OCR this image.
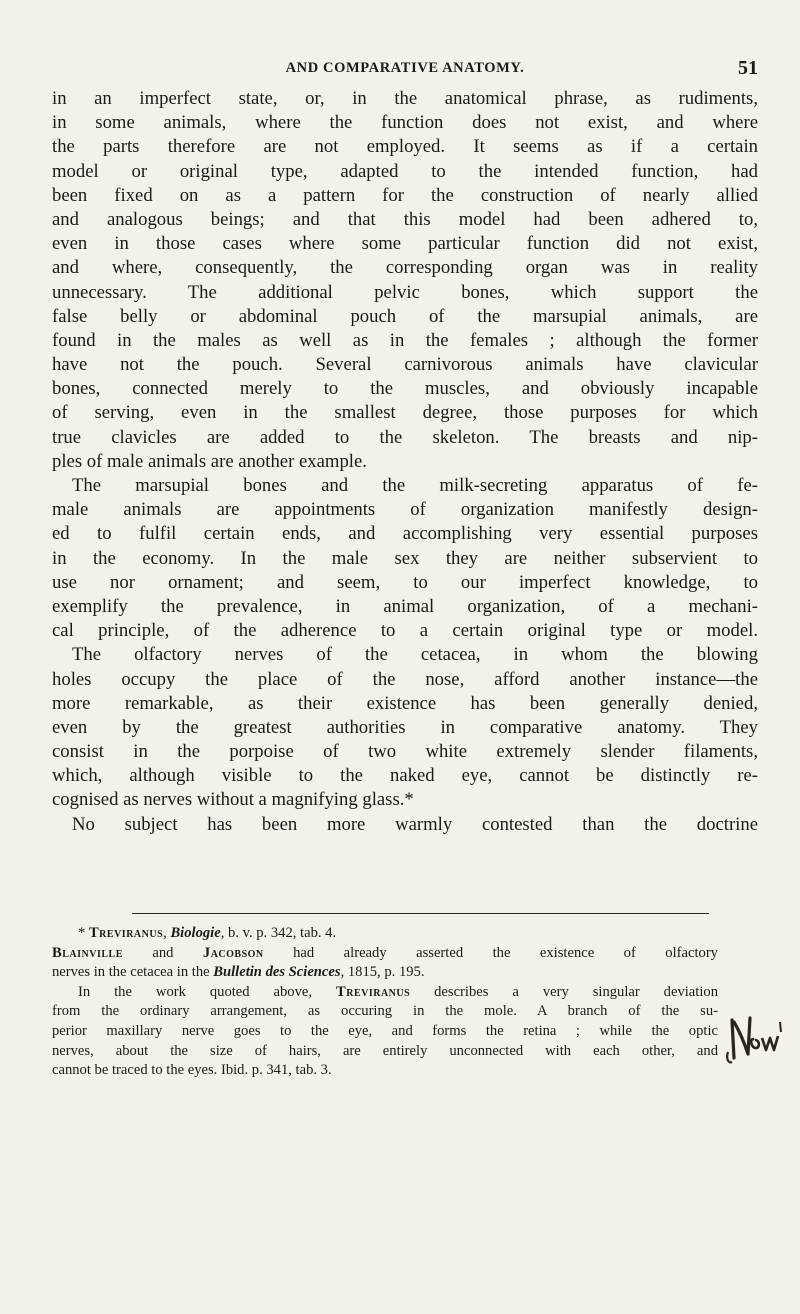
AND COMPARATIVE ANATOMY.	51
in an imperfect state, or, in the anatomical phrase, as rudiments,
in some animals, where the function does not exist, and where
the parts therefore are not employed. It seems as if a certain
model or original type, adapted to the intended function, had
been fixed on as a pattern for the construction of nearly allied
and analogous beings; and that this model had been adhered to,
even in those cases where some particular function did not exist,
and where, consequently, the corresponding organ was in reality
unnecessary. The additional pelvic bones, which support the
false belly or abdominal pouch of the marsupial animals, are
found in the males as well as in the females ; although the former
have not the pouch. Several carnivorous animals have clavicular
bones, connected merely to the muscles, and obviously incapable
of serving, even in the smallest degree, those purposes for which
true clavicles are added to the skeleton. The breasts and nip-
ples of male animals are another example.
The marsupial bones and the milk-secreting apparatus of fe-
male animals are appointments of organization manifestly design-
ed to fulfil certain ends, and accomplishing very essential purposes
in the economy. In the male sex they are neither subservient to
use nor ornament; and seem, to our imperfect knowledge, to
exemplify the prevalence, in animal organization, of a mechani-
cal principle, of the adherence to a certain original type or model.
The olfactory nerves of the cetacea, in whom the blowing
holes occupy the place of the nose, afford another instance—the
more remarkable, as their existence has been generally denied,
even by the greatest authorities in comparative anatomy. They
consist in the porpoise of two white extremely slender filaments,
which, although visible to the naked eye, cannot be distinctly re-
cognised as nerves without a magnifying glass.*
No subject has been more warmly contested than the doctrine
* Treviranus, Biologie, b. v. p. 342, tab. 4.
Blainville and Jacobson had already asserted the existence of olfactory
nerves in the cetacea in the Bulletin des Sciences, 1815, p. 195.
In the work quoted above, Treviranus describes a very singular deviation
from the ordinary arrangement, as occuring in the mole. A branch of the su-
perior maxillary nerve goes to the eye, and forms the retina ; while the optic
nerves, about the size of hairs, are entirely unconnected with each other, and
cannot be traced to the eyes. Ibid. p. 341, tab. 3.
